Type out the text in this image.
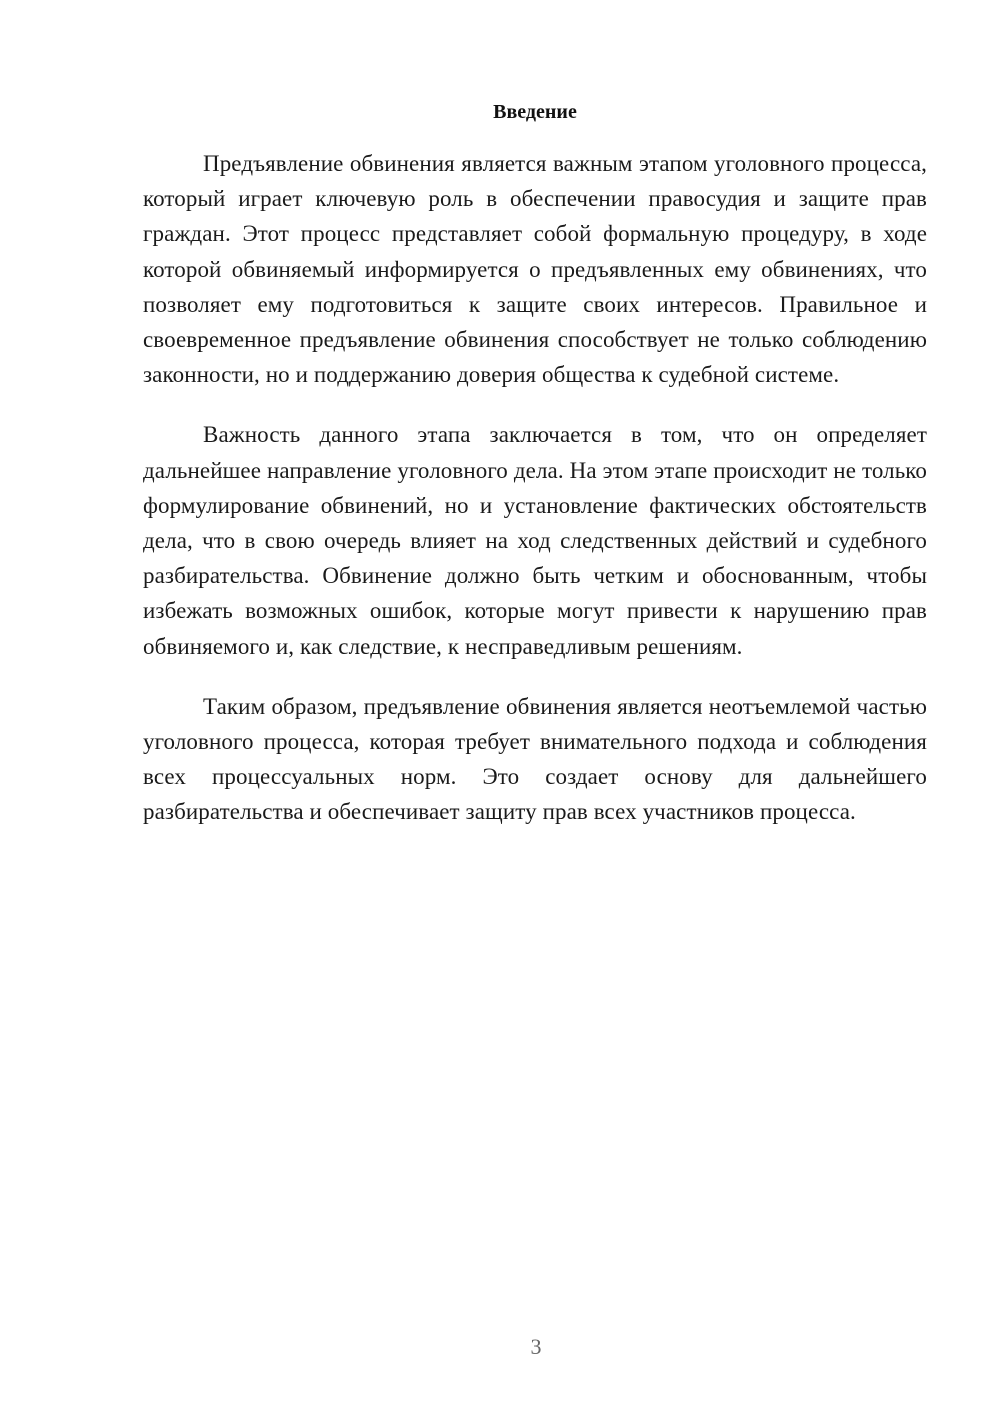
Введение

Предъявление обвинения является важным этапом уголовного процесса, который играет ключевую роль в обеспечении правосудия и защите прав граждан. Этот процесс представляет собой формальную процедуру, в ходе которой обвиняемый информируется о предъявленных ему обвинениях, что позволяет ему подготовиться к защите своих интересов. Правильное и своевременное предъявление обвинения способствует не только соблюдению законности, но и поддержанию доверия общества к судебной системе.

Важность данного этапа заключается в том, что он определяет дальнейшее направление уголовного дела. На этом этапе происходит не только формулирование обвинений, но и установление фактических обстоятельств дела, что в свою очередь влияет на ход следственных действий и судебного разбирательства. Обвинение должно быть четким и обоснованным, чтобы избежать возможных ошибок, которые могут привести к нарушению прав обвиняемого и, как следствие, к несправедливым решениям.

Таким образом, предъявление обвинения является неотъемлемой частью уголовного процесса, которая требует внимательного подхода и соблюдения всех процессуальных норм. Это создает основу для дальнейшего разбирательства и обеспечивает защиту прав всех участников процесса.

3
